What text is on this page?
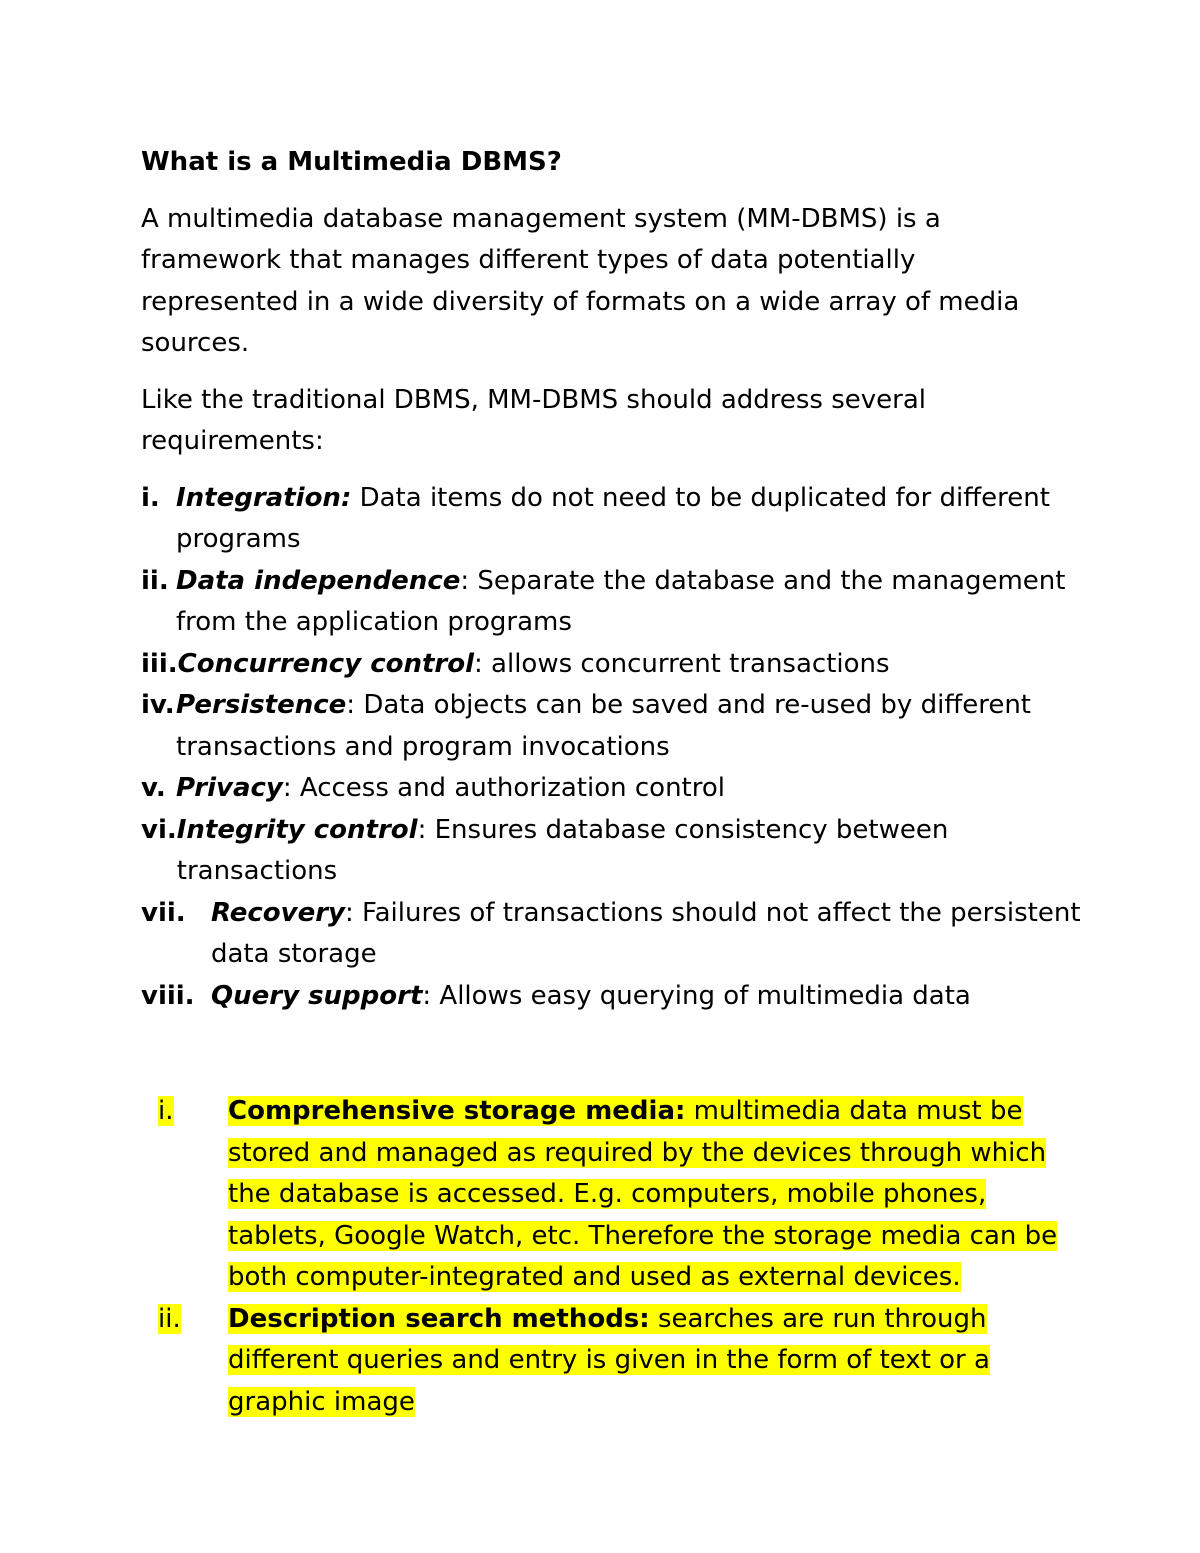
What is a Multimedia DBMS?

A multimedia database management system (MM-DBMS) is a framework that manages different types of data potentially represented in a wide diversity of formats on a wide array of media sources.

Like the traditional DBMS, MM-DBMS should address several requirements:

i. Integration: Data items do not need to be duplicated for different programs
ii. Data independence: Separate the database and the management from the application programs
iii. Concurrency control: allows concurrent transactions
iv. Persistence: Data objects can be saved and re-used by different transactions and program invocations
v. Privacy: Access and authorization control
vi. Integrity control: Ensures database consistency between transactions
vii. Recovery: Failures of transactions should not affect the persistent data storage
viii. Query support: Allows easy querying of multimedia data
i.	Comprehensive storage media: multimedia data must be stored and managed as required by the devices through which the database is accessed. E.g. computers, mobile phones, tablets, Google Watch, etc. Therefore the storage media can be both computer-integrated and used as external devices.
ii.	Description search methods: searches are run through different queries and entry is given in the form of text or a graphic image
